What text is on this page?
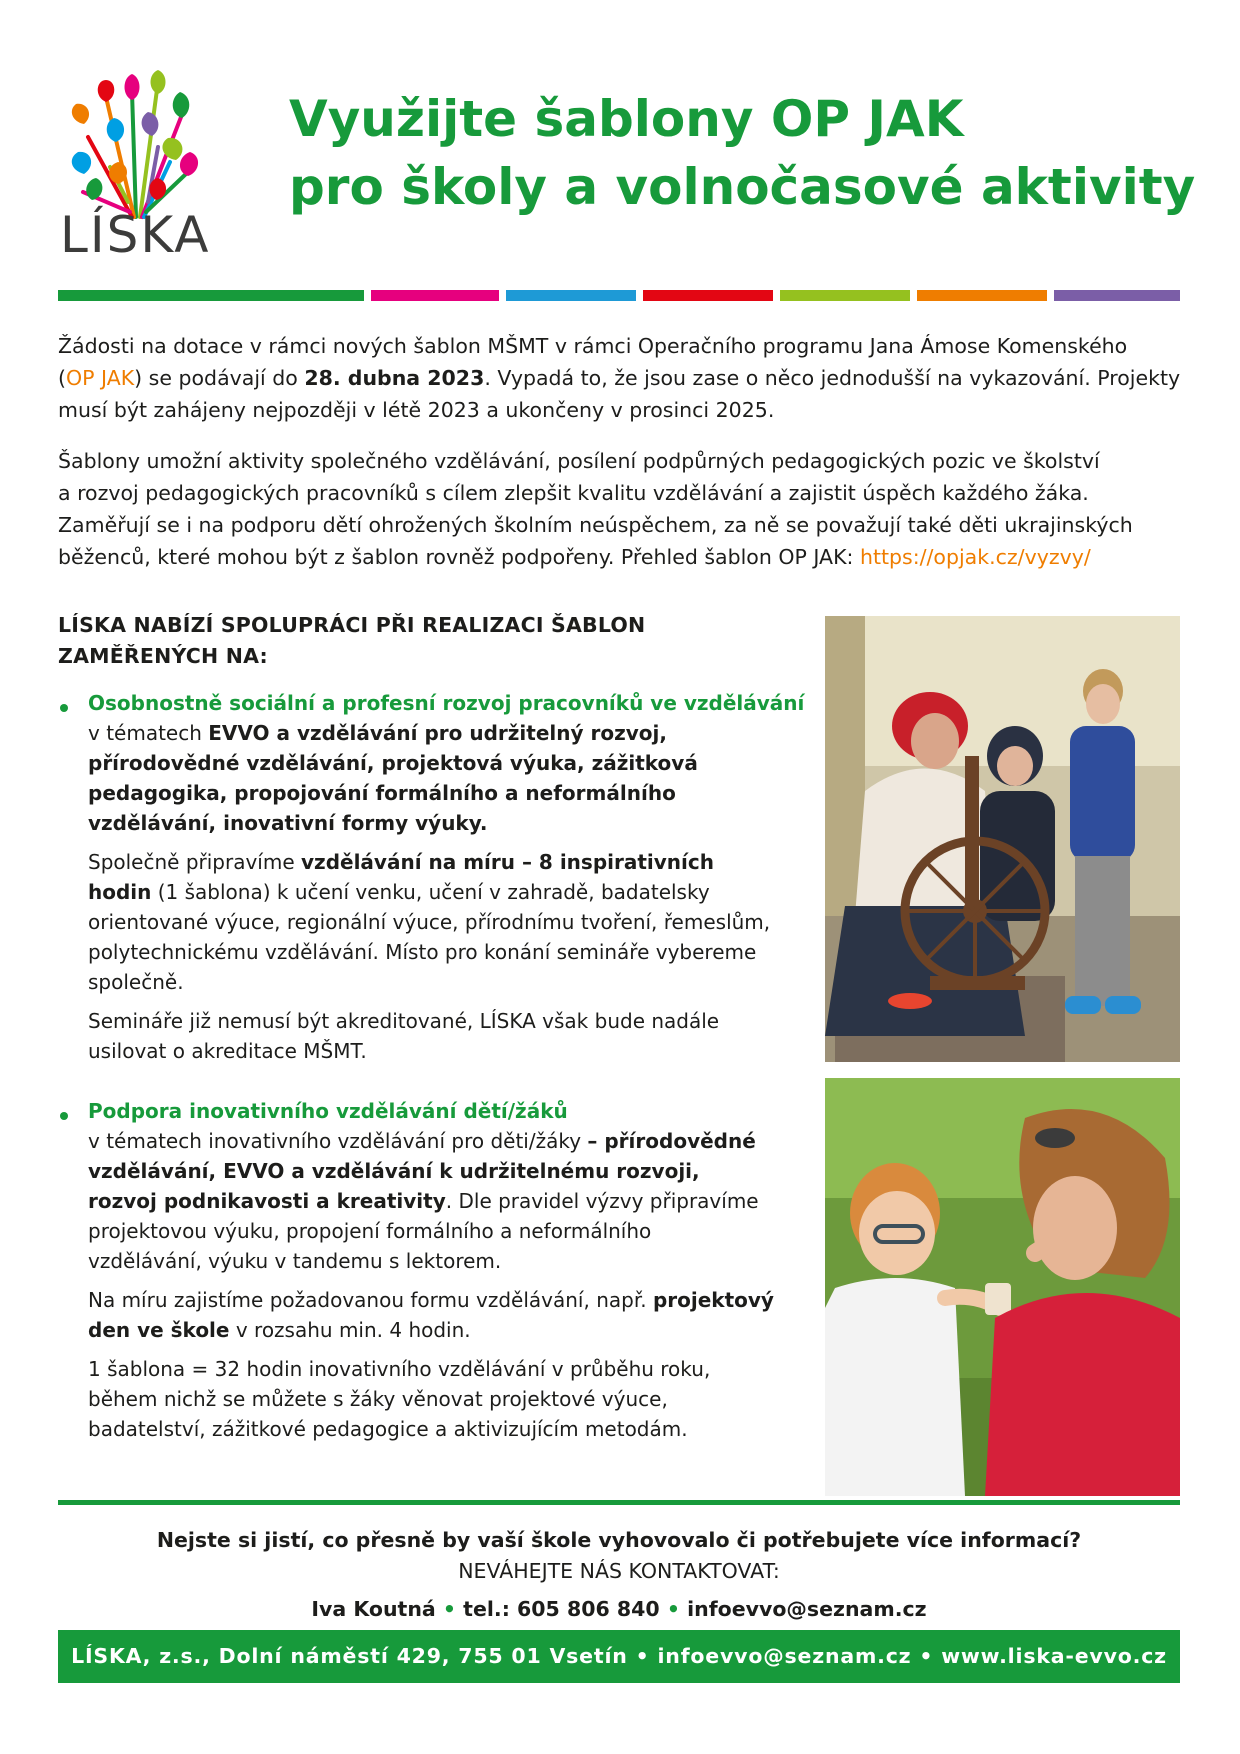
LÍSKA
Využijte šablony OP JAK
pro školy a volnočasové aktivity

Žádosti na dotace v rámci nových šablon MŠMT v rámci Operačního programu Jana Ámose Komenského
(OP JAK) se podávají do 28. dubna 2023. Vypadá to, že jsou zase o něco jednodušší na vykazování. Projekty
musí být zahájeny nejpozději v létě 2023 a ukončeny v prosinci 2025.

Šablony umožní aktivity společného vzdělávání, posílení podpůrných pedagogických pozic ve školství
a rozvoj pedagogických pracovníků s cílem zlepšit kvalitu vzdělávání a zajistit úspěch každého žáka.
Zaměřují se i na podporu dětí ohrožených školním neúspěchem, za ně se považují také děti ukrajinských
běženců, které mohou být z šablon rovněž podpořeny. Přehled šablon OP JAK: https://opjak.cz/vyzvy/

LÍSKA NABÍZÍ SPOLUPRÁCI PŘI REALIZACI ŠABLON
ZAMĚŘENÝCH NA:

Osobnostně sociální a profesní rozvoj pracovníků ve vzdělávání
v tématech EVVO a vzdělávání pro udržitelný rozvoj,
přírodovědné vzdělávání, projektová výuka, zážitková
pedagogika, propojování formálního a neformálního
vzdělávání, inovativní formy výuky.

Společně připravíme vzdělávání na míru – 8 inspirativních
hodin (1 šablona) k učení venku, učení v zahradě, badatelsky
orientované výuce, regionální výuce, přírodnímu tvoření, řemeslům,
polytechnickému vzdělávání. Místo pro konání semináře vybereme
společně.

Semináře již nemusí být akreditované, LÍSKA však bude nadále
usilovat o akreditace MŠMT.

Podpora inovativního vzdělávání dětí/žáků
v tématech inovativního vzdělávání pro děti/žáky – přírodovědné
vzdělávání, EVVO a vzdělávání k udržitelnému rozvoji,
rozvoj podnikavosti a kreativity. Dle pravidel výzvy připravíme
projektovou výuku, propojení formálního a neformálního
vzdělávání, výuku v tandemu s lektorem.

Na míru zajistíme požadovanou formu vzdělávání, např. projektový
den ve škole v rozsahu min. 4 hodin.

1 šablona = 32 hodin inovativního vzdělávání v průběhu roku,
během nichž se můžete s žáky věnovat projektové výuce,
badatelství, zážitkové pedagogice a aktivizujícím metodám.

Nejste si jistí, co přesně by vaší škole vyhovovalo či potřebujete více informací?
NEVÁHEJTE NÁS KONTAKTOVAT:
Iva Koutná • tel.: 605 806 840 • infoevvo@seznam.cz
LÍSKA, z.s., Dolní náměstí 429, 755 01 Vsetín • infoevvo@seznam.cz • www.liska-evvo.cz
